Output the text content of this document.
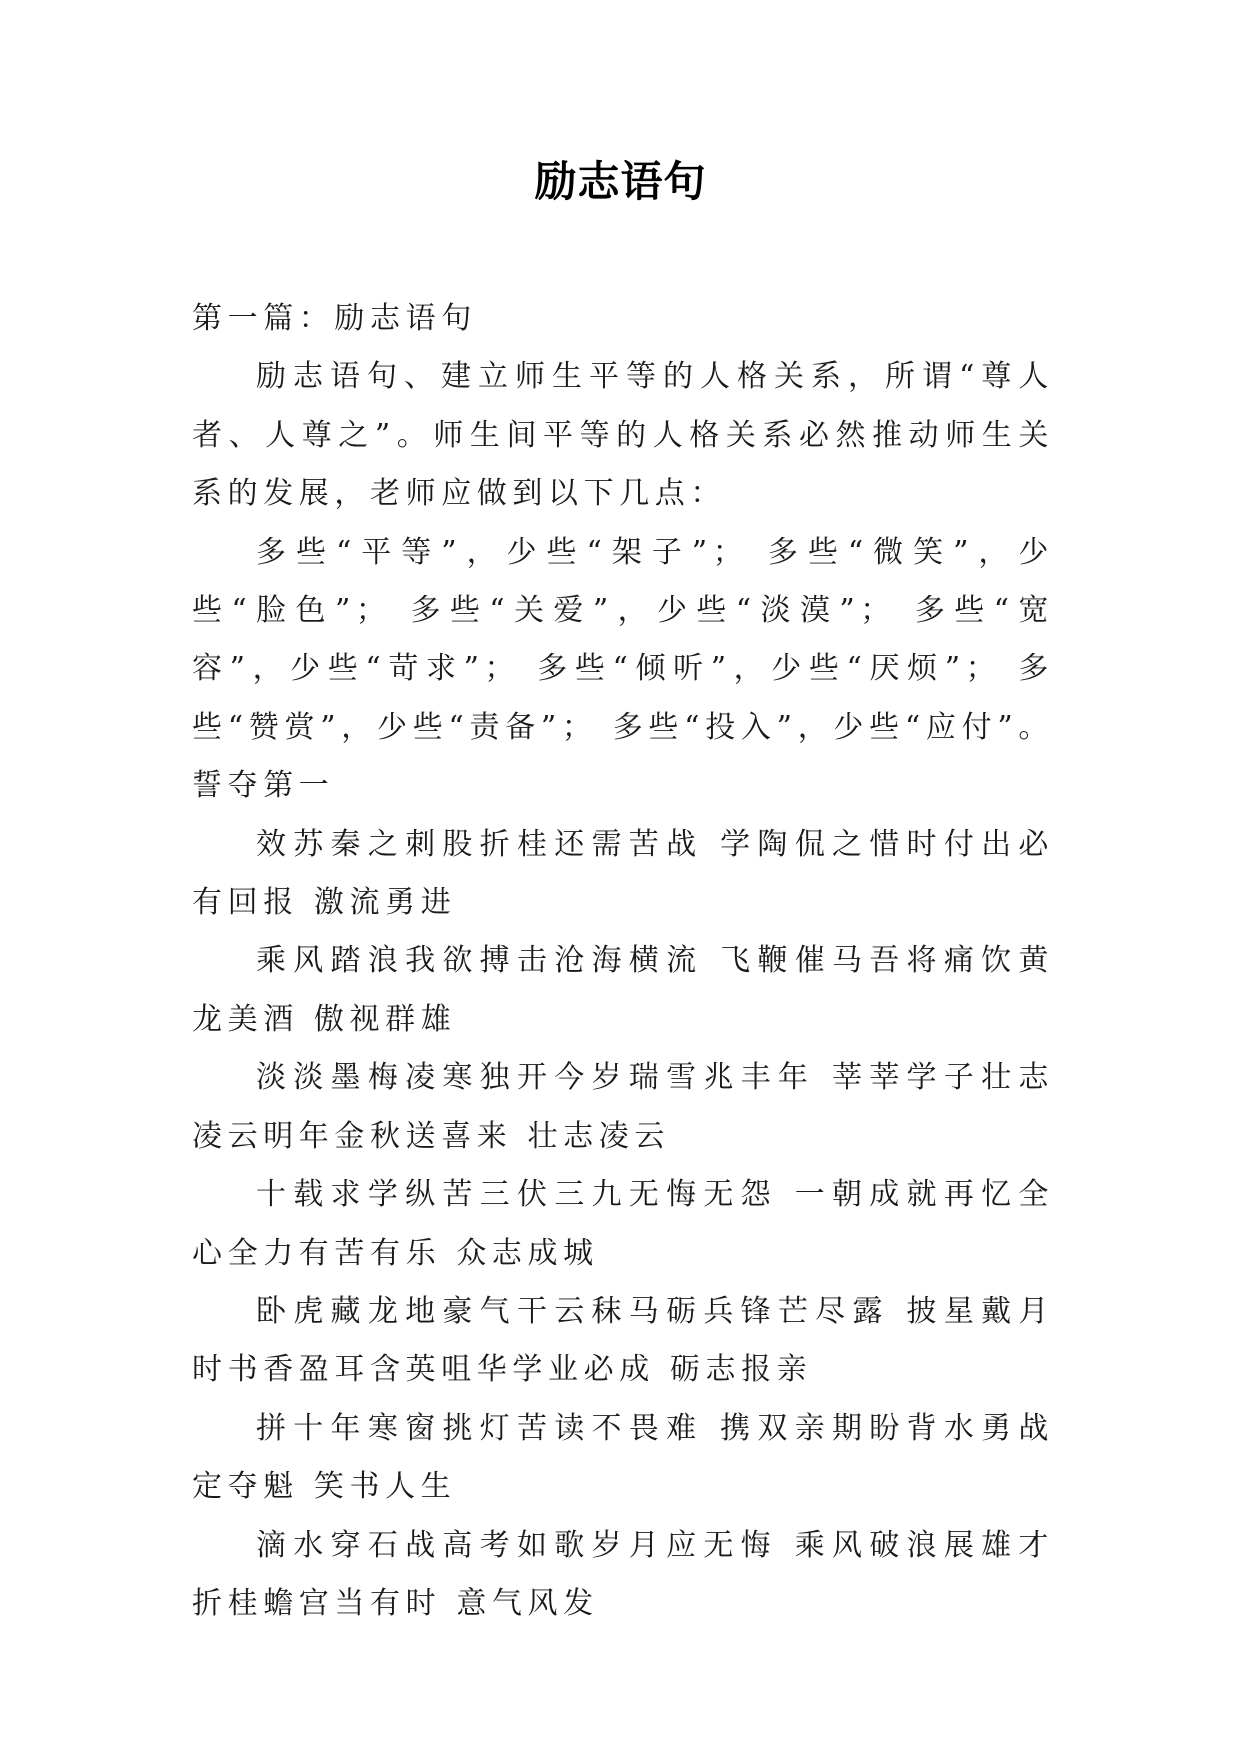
励志语句

第一篇：励志语句

励志语句、建立师生平等的人格关系，所谓“尊人者、人尊之”。师生间平等的人格关系必然推动师生关系的发展，老师应做到以下几点：

多些“平等”，少些“架子”； 多些“微笑”，少些“脸色”； 多些“关爱”，少些“淡漠”； 多些“宽容”，少些“苛求”； 多些“倾听”，少些“厌烦”； 多些“赞赏”，少些“责备”； 多些“投入”，少些“应付”。誓夺第一

效苏秦之刺股折桂还需苦战 学陶侃之惜时付出必有回报 激流勇进

乘风踏浪我欲搏击沧海横流 飞鞭催马吾将痛饮黄龙美酒 傲视群雄

淡淡墨梅凌寒独开今岁瑞雪兆丰年 莘莘学子壮志凌云明年金秋送喜来 壮志凌云

十载求学纵苦三伏三九无悔无怨 一朝成就再忆全心全力有苦有乐 众志成城

卧虎藏龙地豪气干云秣马砺兵锋芒尽露 披星戴月时书香盈耳含英咀华学业必成 砺志报亲

拼十年寒窗挑灯苦读不畏难 携双亲期盼背水勇战定夺魁 笑书人生

滴水穿石战高考如歌岁月应无悔 乘风破浪展雄才折桂蟾宫当有时 意气风发
